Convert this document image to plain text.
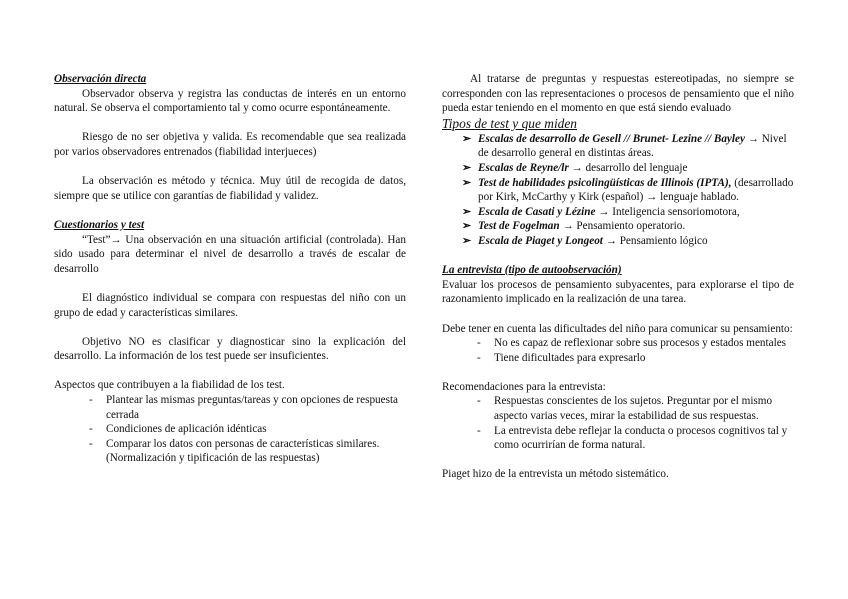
Observación directa

Observador observa y registra las conductas de interés en un entorno natural. Se observa el comportamiento tal y como ocurre espontáneamente.

Riesgo de no ser objetiva y valida. Es recomendable que sea realizada por varios observadores entrenados (fiabilidad interjueces)

La observación es método y técnica. Muy útil de recogida de datos, siempre que se utilice con garantías de fiabilidad y validez.

Cuestionarios y test

“Test”→ Una observación en una situación artificial (controlada). Han sido usado para determinar el nivel de desarrollo a través de escalar de desarrollo

El diagnóstico individual se compara con respuestas del niño con un grupo de edad y características similares.

Objetivo NO es clasificar y diagnosticar sino la explicación del desarrollo. La información de los test puede ser insuficientes.

Aspectos que contribuyen a la fiabilidad de los test.

- Plantear las mismas preguntas/tareas y con opciones de respuesta cerrada
- Condiciones de aplicación idénticas
- Comparar los datos con personas de características similares. (Normalización y tipificación de las respuestas)

Al tratarse de preguntas y respuestas estereotipadas, no siempre se corresponden con las representaciones o procesos de pensamiento que el niño pueda estar teniendo en el momento en que está siendo evaluado

Tipos de test y que miden

➢ Escalas de desarrollo de Gesell // Brunet- Lezine // Bayley → Nivel de desarrollo general en distintas áreas.
➢ Escalas de Reyne/lr → desarrollo del lenguaje
➢ Test de habilidades psicolingüísticas de Illinois (IPTA), (desarrollado por Kirk, McCarthy y Kirk (español) → lenguaje hablado.
➢ Escala de Casati y Lézine → Inteligencia sensoriomotora,
➢ Test de Fogelman → Pensamiento operatorio.
➢ Escala de Piaget y Longeot → Pensamiento lógico

La entrevista (tipo de autoobservación)

Evaluar los procesos de pensamiento subyacentes, para explorarse el tipo de razonamiento implicado en la realización de una tarea.

Debe tener en cuenta las dificultades del niño para comunicar su pensamiento:

- No es capaz de reflexionar sobre sus procesos y estados mentales
- Tiene dificultades para expresarlo

Recomendaciones para la entrevista:

- Respuestas conscientes de los sujetos. Preguntar por el mismo aspecto varias veces, mirar la estabilidad de sus respuestas.
- La entrevista debe reflejar la conducta o procesos cognitivos tal y como ocurrirían de forma natural.

Piaget hizo de la entrevista un método sistemático.
